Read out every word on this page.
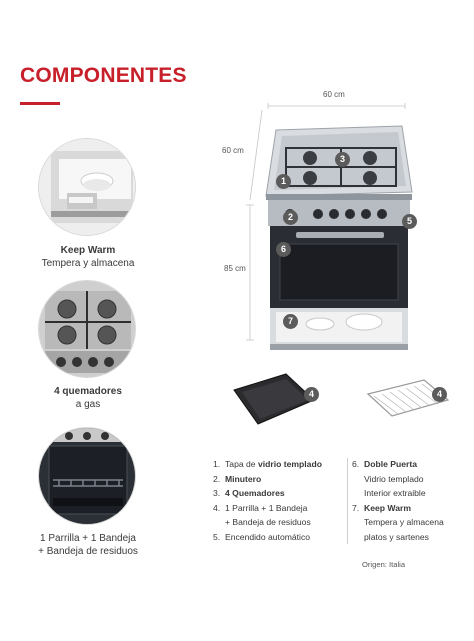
COMPONENTES
Keep Warm
Tempera y almacena
4 quemadores
a gas
1 Parrilla + 1 Bandeja
+ Bandeja de residuos
60 cm
60 cm
85 cm
1
2
3
5
6
7
4	4
1. Tapa de vidrio templado
2. Minutero
3. 4 Quemadores
4. 1 Parrilla + 1 Bandeja
+ Bandeja de residuos
5. Encendido automático
6. Doble Puerta
Vidrio templado
Interior extraible
7. Keep Warm
Tempera y almacena
platos y sartenes
Origen: Italia
